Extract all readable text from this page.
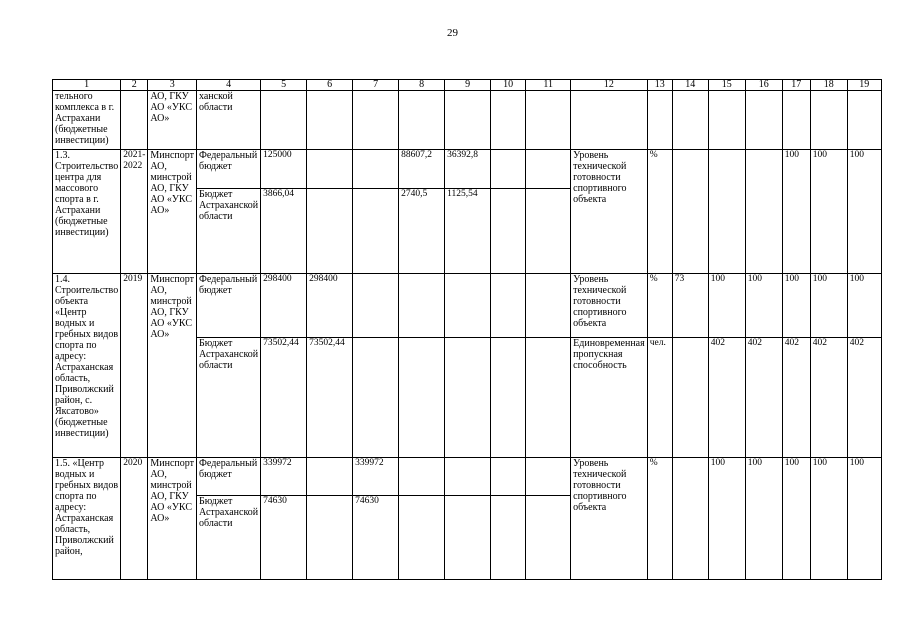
29
1	2	3	4	5	6	7	8	9	10	11	12	13	14	15	16	17	18	19
тельного комплекса в г. Астрахани (бюджетные инвестиции)		АО, ГКУ АО «УКС АО»	ханской области															
1.3. Строительство центра для массового спорта в г. Астрахани (бюджетные инвестиции)	2021-2022	Минспорт АО, минстрой АО, ГКУ АО «УКС АО»	Федеральный бюджет	125000			88607,2	36392,8			Уровень технической готовности спортивного объекта	%				100	100	100
			Бюджет Астраханской области	3866,04			2740,5	1125,54										
1.4. Строительство объекта «Центр водных и гребных видов спорта по адресу: Астраханская область, Приволжский район, с. Яксатово» (бюджетные инвестиции)	2019	Минспорт АО, минстрой АО, ГКУ АО «УКС АО»	Федеральный бюджет	298400	298400						Уровень технической готовности спортивного объекта	%	73	100	100	100	100	100
			Бюджет Астраханской области	73502,44	73502,44						Единовременная пропускная способность	чел.		402	402	402	402	402
1.5. «Центр водных и гребных видов спорта по адресу: Астраханская область, Приволжский район,	2020	Минспорт АО, минстрой АО, ГКУ АО «УКС АО»	Федеральный бюджет	339972		339972					Уровень технической готовности спортивного объекта	%		100	100	100	100	100
			Бюджет Астраханской области	74630		74630												
